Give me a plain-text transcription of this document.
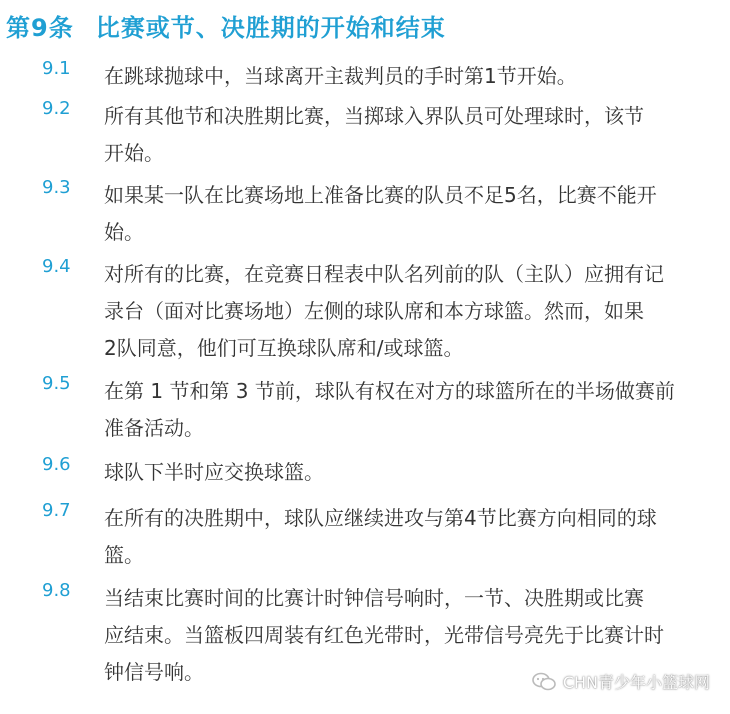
第9条 比赛或节、决胜期的开始和结束
9.1 在跳球抛球中，当球离开主裁判员的手时第1节开始。
9.2 所有其他节和决胜期比赛，当掷球入界队员可处理球时，该节
开始。
9.3 如果某一队在比赛场地上准备比赛的队员不足5名，比赛不能开
始。
9.4 对所有的比赛，在竞赛日程表中队名列前的队（主队）应拥有记
录台（面对比赛场地）左侧的球队席和本方球篮。然而，如果
2队同意，他们可互换球队席和/或球篮。
9.5 在第 1 节和第 3 节前，球队有权在对方的球篮所在的半场做赛前
准备活动。
9.6 球队下半时应交换球篮。
9.7 在所有的决胜期中，球队应继续进攻与第4节比赛方向相同的球
篮。
9.8 当结束比赛时间的比赛计时钟信号响时，一节、决胜期或比赛
应结束。当篮板四周装有红色光带时，光带信号亮先于比赛计时
钟信号响。	CHN青少年小篮球网
